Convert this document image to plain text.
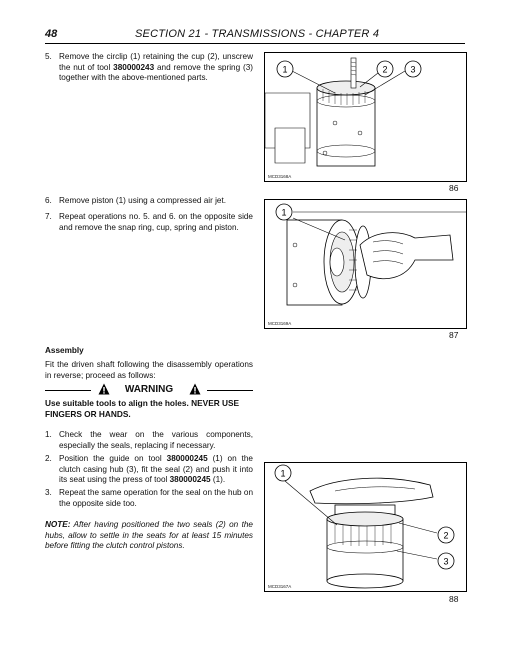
48	SECTION 21 - TRANSMISSIONS - CHAPTER 4
5. Remove the circlip (1) retaining the cup (2), unscrew the nut of tool 380000243 and remove the spring (3) together with the above-mentioned parts.
6. Remove piston (1) using a compressed air jet.
7. Repeat operations no. 5. and 6. on the opposite side and remove the snap ring, cup, spring and piston.
Assembly
Fit the driven shaft following the disassembly operations in reverse; proceed as follows:
WARNING
Use suitable tools to align the holes. NEVER USE FINGERS OR HANDS.
1. Check the wear on the various components, especially the seals, replacing if necessary.
2. Position the guide on tool 380000245 (1) on the clutch casing hub (3), fit the seal (2) and push it into its seat using the press of tool 380000245 (1).
3. Repeat the same operation for the seal on the hub on the opposite side too.
NOTE: After having positioned the two seals (2) on the hubs, allow to settle in the seats for at least 15 minutes before fitting the clutch control pistons.
1	2	3
MCD3168A
86
1
MCD3169A
87
1
2
3
MCD3167A
88
